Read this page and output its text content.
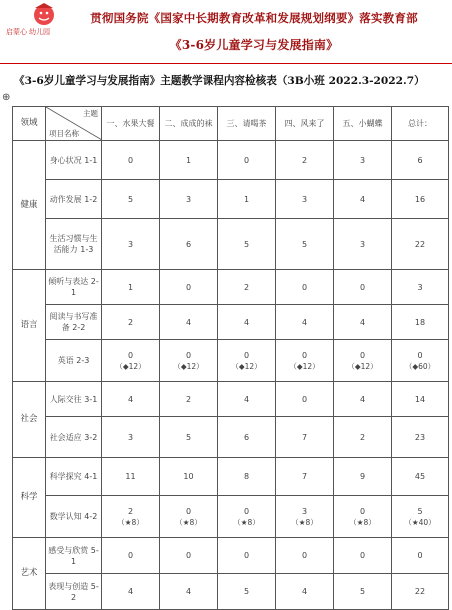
启蒙心 幼儿园
贯彻国务院《国家中长期教育改革和发展规划纲要》落实教育部
《3-6岁儿童学习与发展指南》
《3-6岁儿童学习与发展指南》主题教学课程内容检核表（3B小班 2022.3-2022.7）
⊕
领域	主题
项目名称	一、水果大餐	二、成成的袜	三、请喝茶	四、风来了	五、小蝴蝶	总计：
健康	身心状况 1-1	0	1	0	2	3	6

	动作发展 1-2	5	3	1	3	4	16

	生活习惯与生活能力 1-3	3	6	5	5	3	22

语言	倾听与表达 2-1	1	0	2	0	0	3

	阅读与书写准备 2-2	2	4	4	4	4	18

	英语 2-3	0
（◆12）	0
（◆12）	0
（◆12）	0
（◆12）	0
（◆12）	0
（◆60）

社会	人际交往 3-1	4	2	4	0	4	14

	社会适应 3-2	3	5	6	7	2	23

科学	科学探究 4-1	11	10	8	7	9	45

	数学认知 4-2	2
（★8）	0
（★8）	0
（★8）	3
（★8）	0
（★8）	5
（★40）

艺术	感受与欣赏 5-1	0	0	0	0	0	0

	表现与创造 5-2	4	4	5	4	5	22
